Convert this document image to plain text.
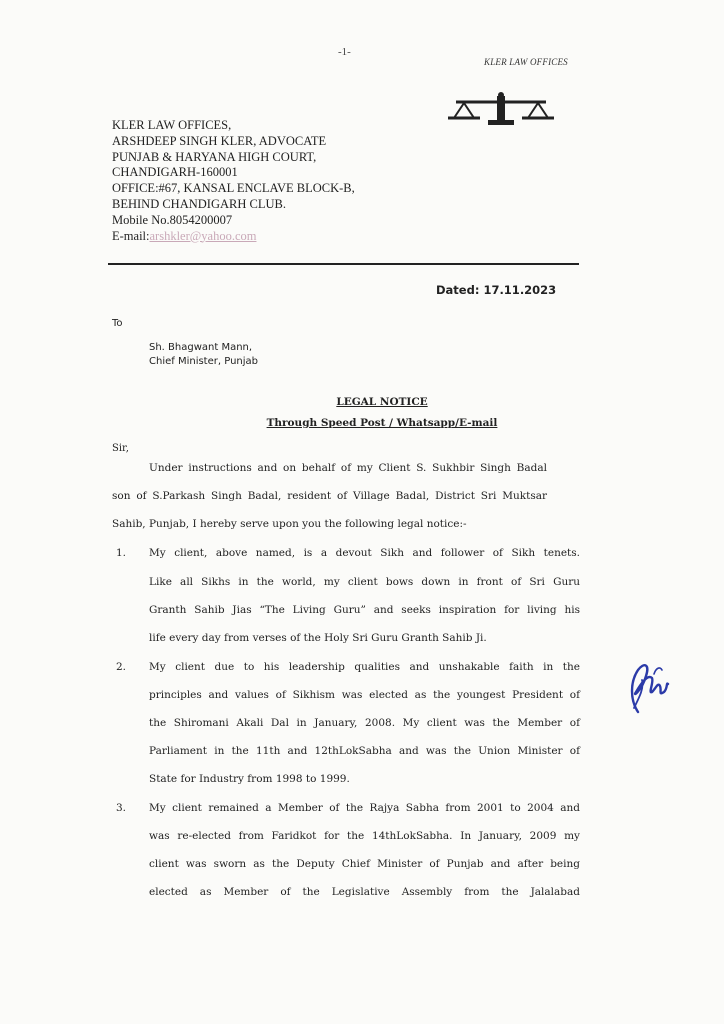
-1-
KLER LAW OFFICES
KLER LAW OFFICES,
ARSHDEEP SINGH KLER, ADVOCATE
PUNJAB & HARYANA HIGH COURT,
CHANDIGARH-160001
OFFICE:#67, KANSAL ENCLAVE BLOCK-B,
BEHIND CHANDIGARH CLUB.
Mobile No.8054200007
E-mail:arshkler@yahoo.com
Dated: 17.11.2023
To
Sh. Bhagwant Mann,
Chief Minister, Punjab
LEGAL NOTICE
Through Speed Post / Whatsapp/E-mail
Sir,
Under instructions and on behalf of my Client S. Sukhbir Singh Badal
son of S.Parkash Singh Badal, resident of Village Badal, District Sri Muktsar
Sahib, Punjab, I hereby serve upon you the following legal notice:-
1. My client, above named, is a devout Sikh and follower of Sikh tenets.
Like all Sikhs in the world, my client bows down in front of Sri Guru
Granth Sahib Jias “The Living Guru” and seeks inspiration for living his
life every day from verses of the Holy Sri Guru Granth Sahib Ji.
2. My client due to his leadership qualities and unshakable faith in the
principles and values of Sikhism was elected as the youngest President of
the Shiromani Akali Dal in January, 2008. My client was the Member of
Parliament in the 11th and 12thLokSabha and was the Union Minister of
State for Industry from 1998 to 1999.
3. My client remained a Member of the Rajya Sabha from 2001 to 2004 and
was re-elected from Faridkot for the 14thLokSabha. In January, 2009 my
client was sworn as the Deputy Chief Minister of Punjab and after being
elected as Member of the Legislative Assembly from the Jalalabad
